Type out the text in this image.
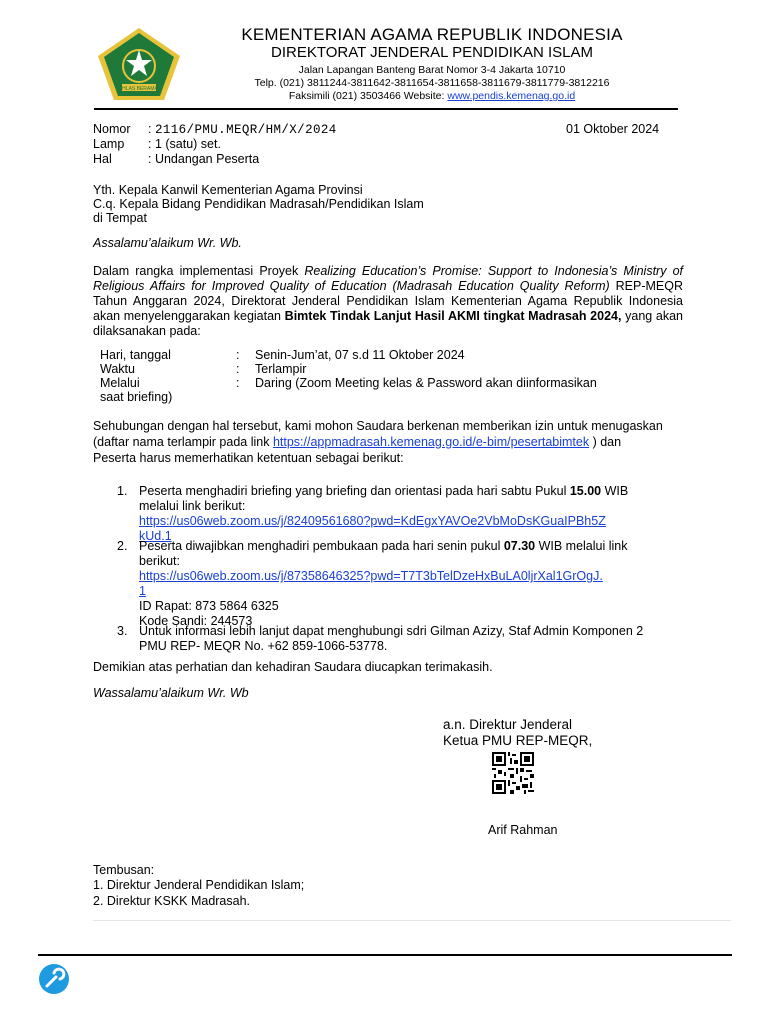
IKHLAS BERAMAL
KEMENTERIAN AGAMA REPUBLIK INDONESIA
DIREKTORAT JENDERAL PENDIDIKAN ISLAM
Jalan Lapangan Banteng Barat Nomor 3-4 Jakarta 10710
Telp. (021) 3811244-3811642-3811654-3811658-3811679-3811779-3812216
Faksimili (021) 3503466 Website: www.pendis.kemenag.go.id
Nomor : 2116/PMU.MEQR/HM/X/2024	01 Oktober 2024
Lamp : 1 (satu) set.
Hal	: Undangan Peserta
Yth. Kepala Kanwil Kementerian Agama Provinsi
C.q. Kepala Bidang Pendidikan Madrasah/Pendidikan Islam
di Tempat
Assalamu’alaikum Wr. Wb.
Dalam rangka implementasi Proyek Realizing Education’s Promise: Support to Indonesia’s Ministry of Religious Affairs for Improved Quality of Education (Madrasah Education Quality Reform) REP-MEQR Tahun Anggaran 2024, Direktorat Jenderal Pendidikan Islam Kementerian Agama Republik Indonesia akan menyelenggarakan kegiatan Bimtek Tindak Lanjut Hasil AKMI tingkat Madrasah 2024, yang akan dilaksanakan pada:
Hari, tanggal	: Senin-Jum’at, 07 s.d 11 Oktober 2024
Waktu	: Terlampir
Melalui	: Daring (Zoom Meeting kelas & Password akan diinformasikan
saat briefing)
Sehubungan dengan hal tersebut, kami mohon Saudara berkenan memberikan izin untuk menugaskan
(daftar nama terlampir pada link https://appmadrasah.kemenag.go.id/e-bim/pesertabimtek ) dan
Peserta harus memerhatikan ketentuan sebagai berikut:
1. Peserta menghadiri briefing yang briefing dan orientasi pada hari sabtu Pukul 15.00 WIB
melalui link berikut:
https://us06web.zoom.us/j/82409561680?pwd=KdEgxYAVOe2VbMoDsKGuaIPBh5Z
kUd.1
2. Peserta diwajibkan menghadiri pembukaan pada hari senin pukul 07.30 WIB melalui link
berikut:
https://us06web.zoom.us/j/87358646325?pwd=T7T3bTelDzeHxBuLA0ljrXal1GrOgJ.
1
ID Rapat: 873 5864 6325
Kode Sandi: 244573
3. Untuk informasi lebih lanjut dapat menghubungi sdri Gilman Azizy, Staf Admin Komponen 2
PMU REP- MEQR No. +62 859-1066-53778.
Demikian atas perhatian dan kehadiran Saudara diucapkan terimakasih.
Wassalamu’alaikum Wr. Wb
a.n. Direktur Jenderal
Ketua PMU REP-MEQR,
Arif Rahman
Tembusan:
1. Direktur Jenderal Pendidikan Islam;
2. Direktur KSKK Madrasah.
